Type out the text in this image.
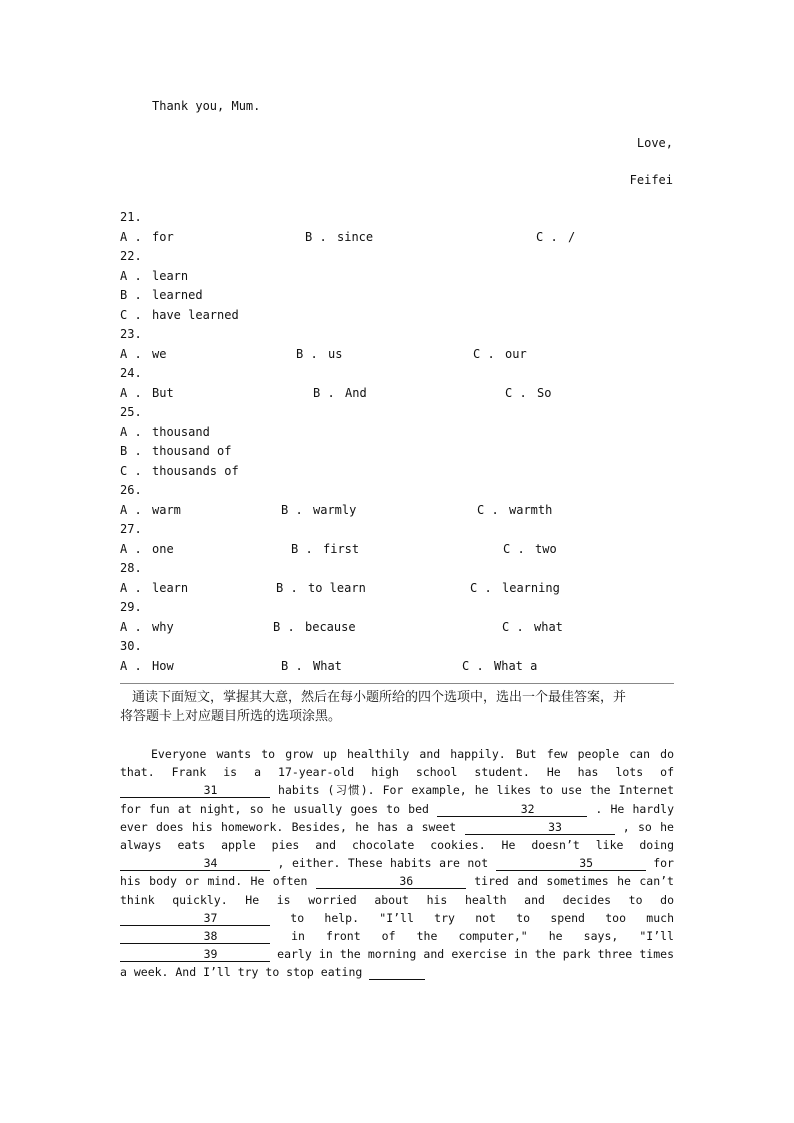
Thank you, Mum.
Love,
Feifei
21.
A . for	B . since	C . /
22.
A . learn
B . learned
C . have learned
23.
A . we	B . us	C . our
24.
A . But	B . And	C . So
25.
A . thousand
B . thousand of
C . thousands of
26.
A . warm	B . warmly	C . warmth
27.
A . one	B . first	C . two
28.
A . learn	B . to learn	C . learning
29.
A . why	B . because	C . what
30.
A . How	B . What	C . What a
通读下面短文，掌握其大意，然后在每小题所给的四个选项中，选出一个最佳答案，并
将答题卡上对应题目所选的选项涂黑。
Everyone wants to grow up healthily and happily. But few people can do that. Frank is a 17-year-old high school student. He has lots of 31	habits (习惯). For example, he likes to use the Internet for fun at night, so he usually goes to bed	32	. He hardly ever does his homework. Besides, he has a sweet	33	, so he always eats apple pies and chocolate cookies. He doesn’t like doing 34	, either. These habits are not	35	for his body or mind. He often	36	tired and sometimes he can’t think quickly. He is worried about his health and decides to do 37	to help. "I’ll try not to spend too much 38	in front of the computer," he says, "I’ll 39	early in the morning and exercise in the park three times a week. And I’ll try to stop eating
